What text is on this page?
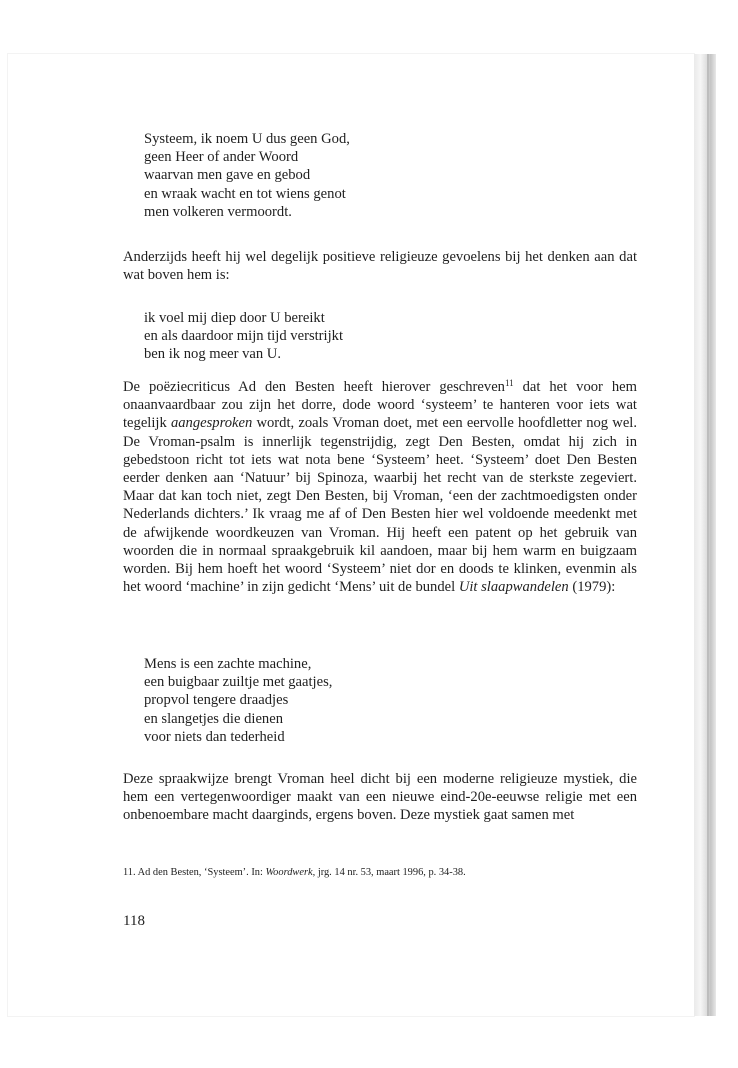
Systeem, ik noem U dus geen God,
geen Heer of ander Woord
waarvan men gave en gebod
en wraak wacht en tot wiens genot
men volkeren vermoordt.
Anderzijds heeft hij wel degelijk positieve religieuze gevoelens bij het denken aan dat wat boven hem is:
ik voel mij diep door U bereikt
en als daardoor mijn tijd verstrijkt
ben ik nog meer van U.
De poëziecriticus Ad den Besten heeft hierover geschreven$^{11}$ dat het voor hem onaanvaardbaar zou zijn het dorre, dode woord ‘systeem’ te hanteren voor iets wat tegelijk aangesproken wordt, zoals Vroman doet, met een eervolle hoofdletter nog wel. De Vroman-psalm is innerlijk tegenstrijdig, zegt Den Besten, omdat hij zich in gebedstoon richt tot iets wat nota bene ‘Systeem’ heet. ‘Systeem’ doet Den Besten eerder denken aan ‘Natuur’ bij Spinoza, waarbij het recht van de sterkste zegeviert. Maar dat kan toch niet, zegt Den Besten, bij Vroman, ‘een der zachtmoedigsten onder Nederlands dichters.’ Ik vraag me af of Den Besten hier wel voldoende meedenkt met de afwijkende woordkeuzen van Vroman. Hij heeft een patent op het gebruik van woorden die in normaal spraakgebruik kil aandoen, maar bij hem warm en buigzaam worden. Bij hem hoeft het woord ‘Systeem’ niet dor en doods te klinken, evenmin als het woord ‘machine’ in zijn gedicht ‘Mens’ uit de bundel Uit slaapwandelen (1979):
Mens is een zachte machine,
een buigbaar zuiltje met gaatjes,
propvol tengere draadjes
en slangetjes die dienen
voor niets dan tederheid
Deze spraakwijze brengt Vroman heel dicht bij een moderne religieuze mystiek, die hem een vertegenwoordiger maakt van een nieuwe eind-20e-eeuwse religie met een onbenoembare macht daarginds, ergens boven. Deze mystiek gaat samen met
11. Ad den Besten, ‘Systeem’. In: Woordwerk, jrg. 14 nr. 53, maart 1996, p. 34-38.
118
